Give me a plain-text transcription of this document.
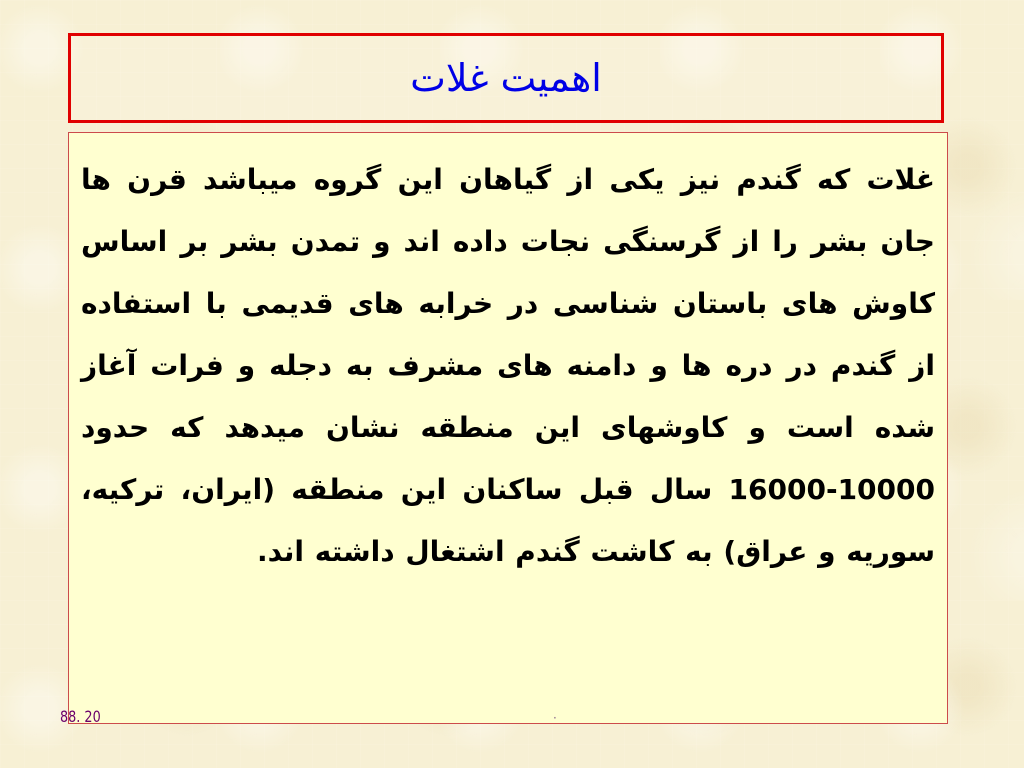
اهمیت غلات

غلات که گندم نیز یکی از گیاهان این گروه میباشد قرن ها جان بشر را از گرسنگی نجات داده اند و تمدن بشر بر اساس کاوش های باستان شناسی در خرابه های قدیمی با استفاده از گندم در دره ها و دامنه های مشرف به دجله و فرات آغاز شده است و کاوشهای این منطقه نشان میدهد که حدود 10000-16000 سال قبل ساکنان این منطقه (ایران، ترکیه، سوریه و عراق) به کاشت گندم اشتغال داشته اند.

88. 20	·
